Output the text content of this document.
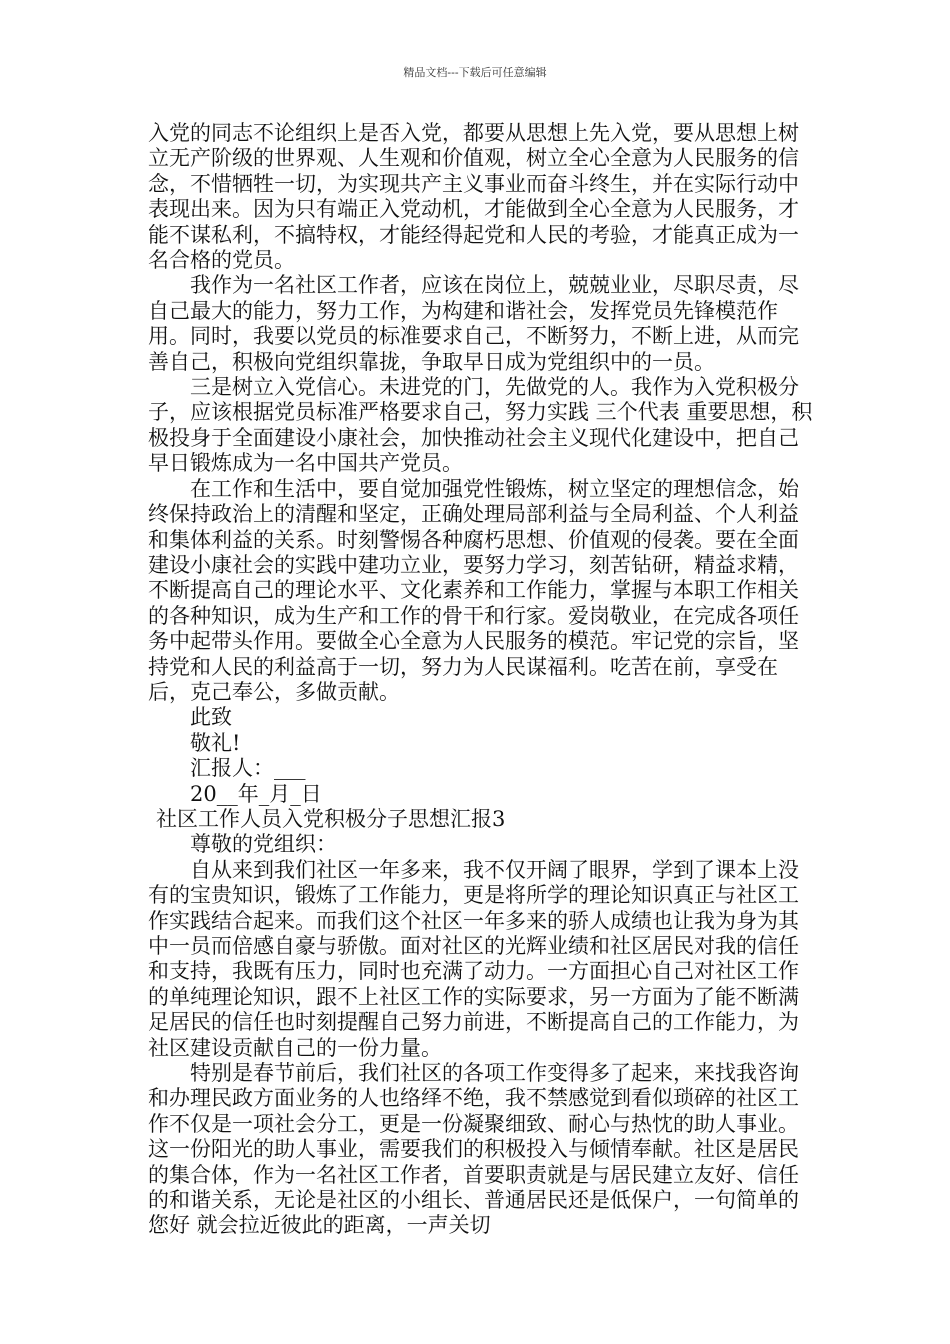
精品文档---下载后可任意编辑

入党的同志不论组织上是否入党，都要从思想上先入党，要从思想上树立无产阶级的世界观、人生观和价值观，树立全心全意为人民服务的信念，不惜牺牲一切，为实现共产主义事业而奋斗终生，并在实际行动中表现出来。因为只有端正入党动机，才能做到全心全意为人民服务，才能不谋私利，不搞特权，才能经得起党和人民的考验，才能真正成为一名合格的党员。

我作为一名社区工作者，应该在岗位上，兢兢业业，尽职尽责，尽自己最大的能力，努力工作，为构建和谐社会，发挥党员先锋模范作用。同时，我要以党员的标准要求自己，不断努力，不断上进，从而完善自己，积极向党组织靠拢，争取早日成为党组织中的一员。

三是树立入党信心。未进党的门，先做党的人。我作为入党积极分子，应该根据党员标准严格要求自己，努力实践 三个代表 重要思想，积极投身于全面建设小康社会，加快推动社会主义现代化建设中，把自己早日锻炼成为一名中国共产党员。

在工作和生活中，要自觉加强党性锻炼，树立坚定的理想信念，始终保持政治上的清醒和坚定，正确处理局部利益与全局利益、个人利益和集体利益的关系。时刻警惕各种腐朽思想、价值观的侵袭。要在全面建设小康社会的实践中建功立业，要努力学习，刻苦钻研，精益求精，不断提高自己的理论水平、文化素养和工作能力，掌握与本职工作相关的各种知识，成为生产和工作的骨干和行家。爱岗敬业，在完成各项任务中起带头作用。要做全心全意为人民服务的模范。牢记党的宗旨，坚持党和人民的利益高于一切，努力为人民谋福利。吃苦在前，享受在后，克己奉公，多做贡献。

此致

敬礼!

汇报人：___

20__年_月_日

社区工作人员入党积极分子思想汇报3

尊敬的党组织：

自从来到我们社区一年多来，我不仅开阔了眼界，学到了课本上没有的宝贵知识，锻炼了工作能力，更是将所学的理论知识真正与社区工作实践结合起来。而我们这个社区一年多来的骄人成绩也让我为身为其中一员而倍感自豪与骄傲。面对社区的光辉业绩和社区居民对我的信任和支持，我既有压力，同时也充满了动力。一方面担心自己对社区工作的单纯理论知识，跟不上社区工作的实际要求，另一方面为了能不断满足居民的信任也时刻提醒自己努力前进，不断提高自己的工作能力，为社区建设贡献自己的一份力量。

特别是春节前后，我们社区的各项工作变得多了起来，来找我咨询和办理民政方面业务的人也络绎不绝，我不禁感觉到看似琐碎的社区工作不仅是一项社会分工，更是一份凝聚细致、耐心与热忱的助人事业。这一份阳光的助人事业，需要我们的积极投入与倾情奉献。社区是居民的集合体，作为一名社区工作者，首要职责就是与居民建立友好、信任的和谐关系，无论是社区的小组长、普通居民还是低保户，一句简单的 您好 就会拉近彼此的距离，一声关切
